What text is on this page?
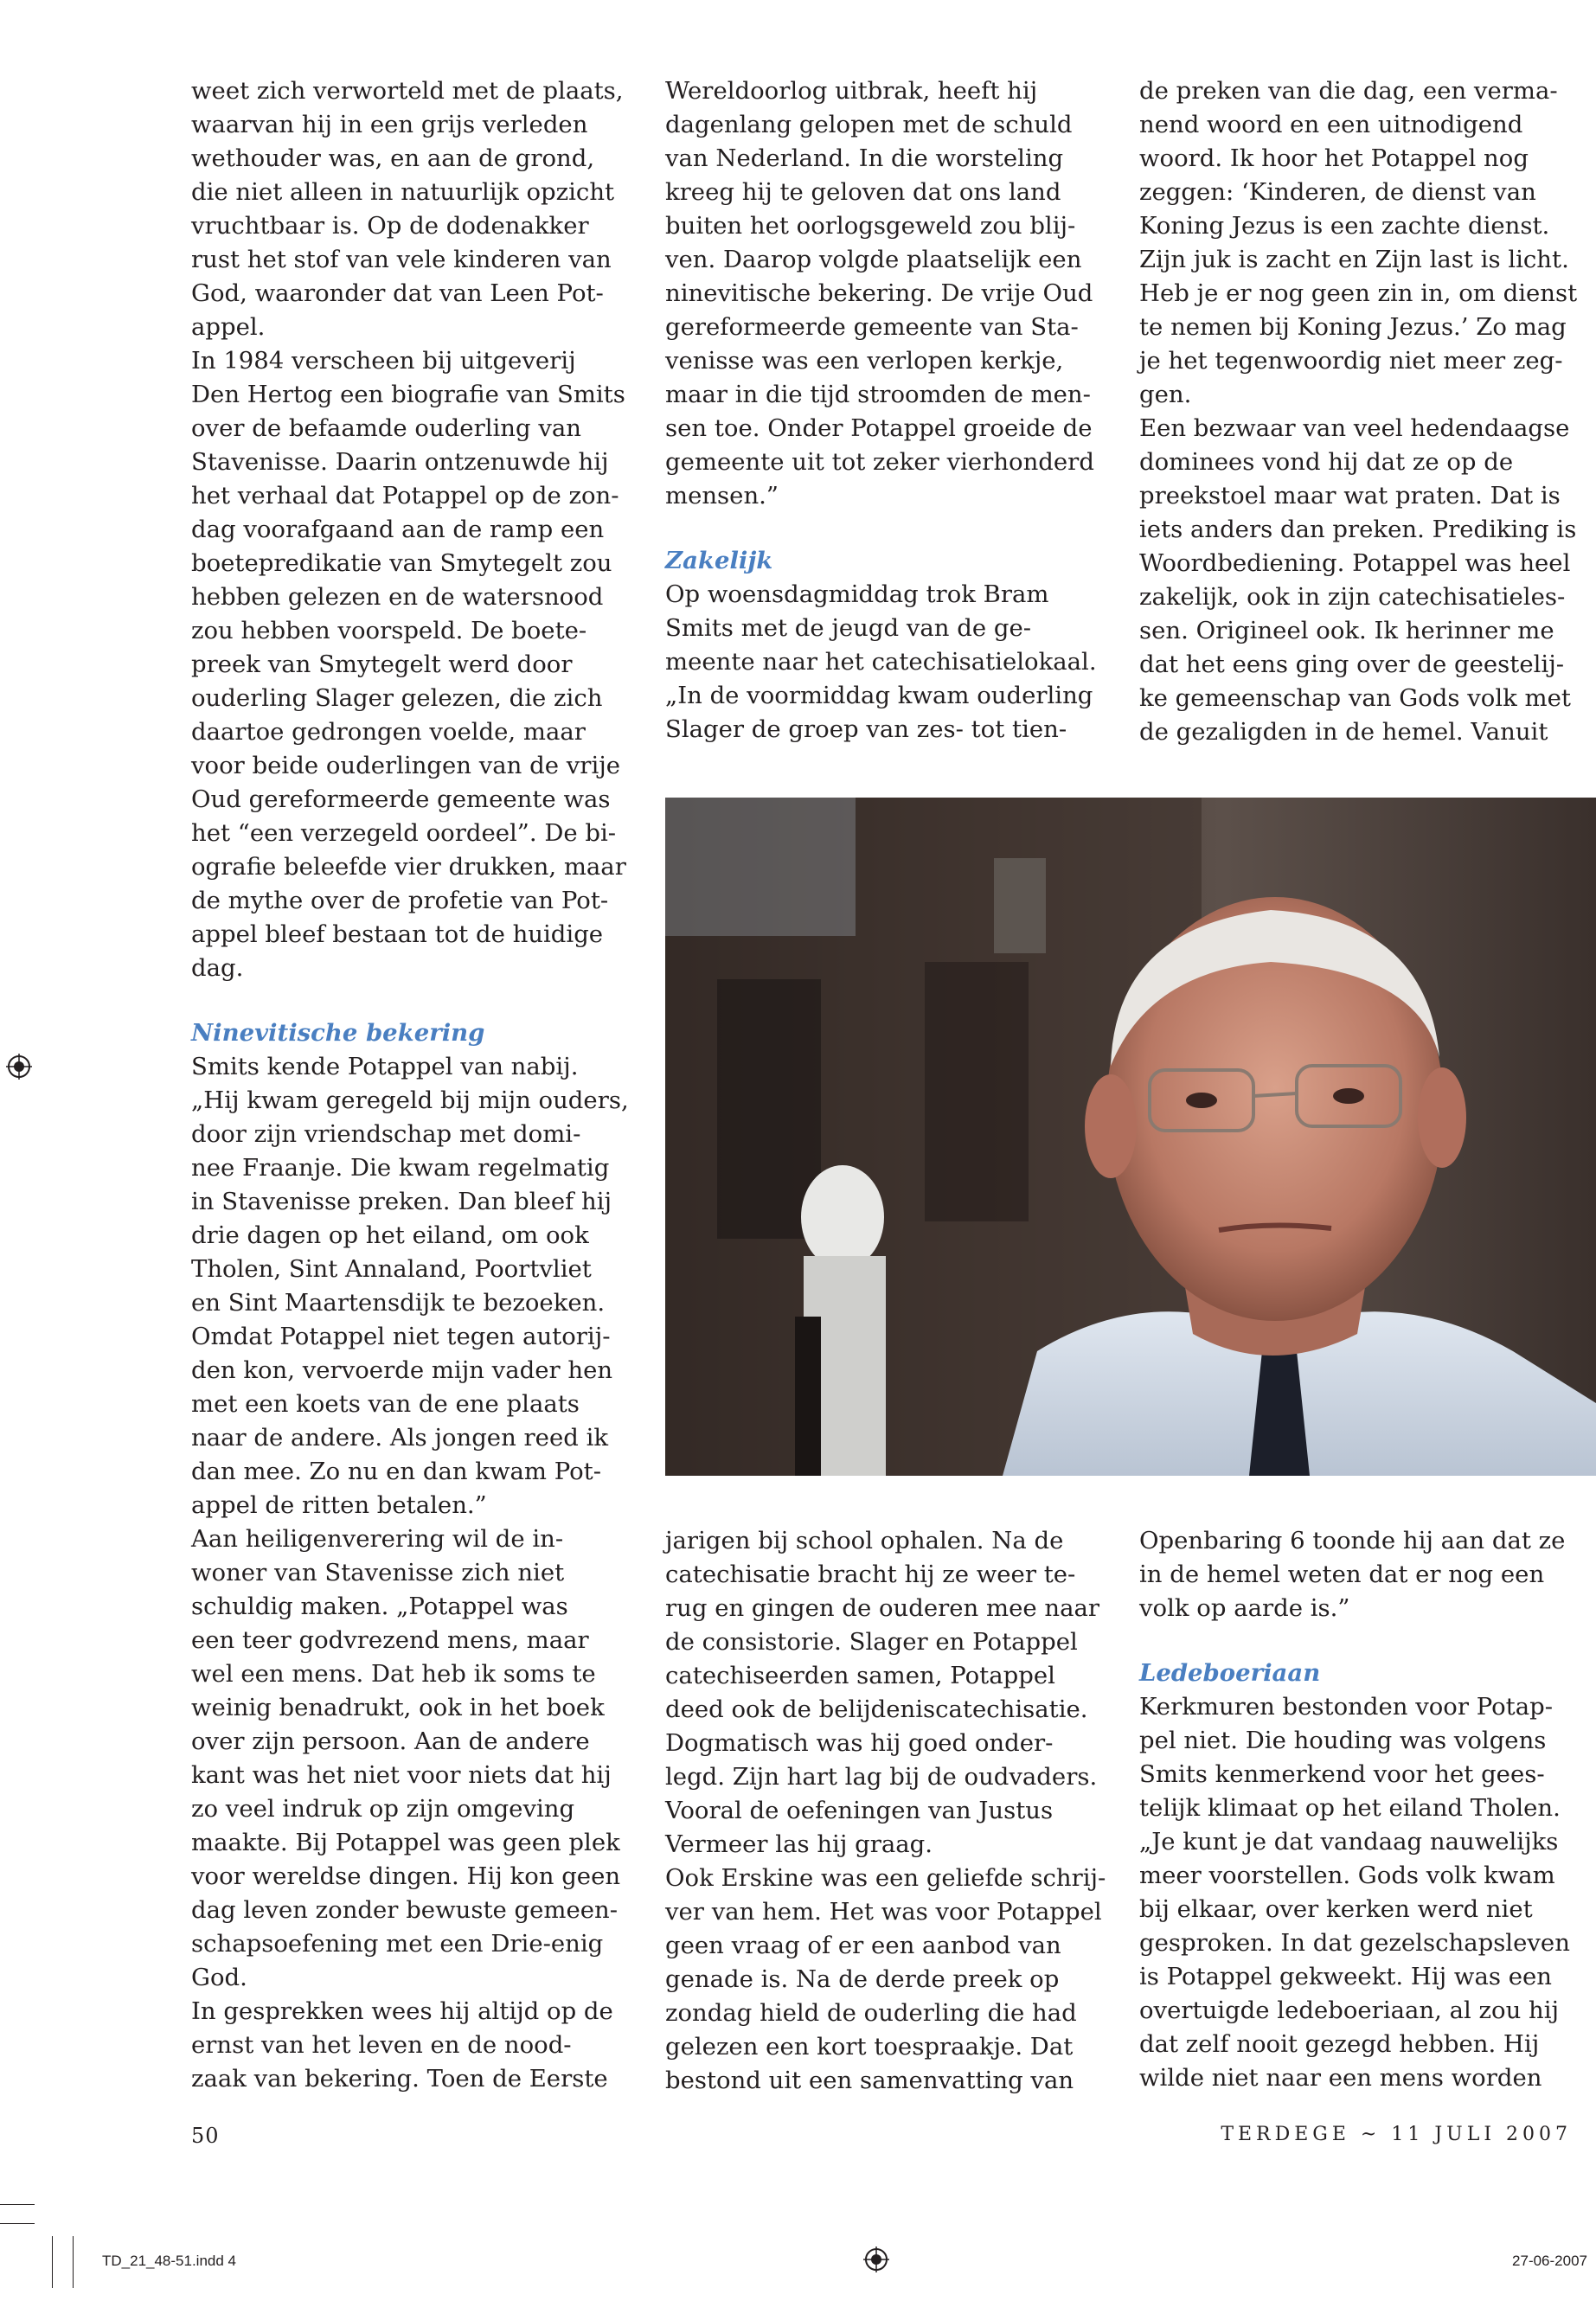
weet zich verworteld met de plaats,
waarvan hij in een grijs verleden
wethouder was, en aan de grond,
die niet alleen in natuurlijk opzicht
vruchtbaar is. Op de dodenakker
rust het stof van vele kinderen van
God, waaronder dat van Leen Pot-
appel.
In 1984 verscheen bij uitgeverij
Den Hertog een biografie van Smits
over de befaamde ouderling van
Stavenisse. Daarin ontzenuwde hij
het verhaal dat Potappel op de zon-
dag voorafgaand aan de ramp een
boetepredikatie van Smytegelt zou
hebben gelezen en de watersnood
zou hebben voorspeld. De boete-
preek van Smytegelt werd door
ouderling Slager gelezen, die zich
daartoe gedrongen voelde, maar
voor beide ouderlingen van de vrije
Oud gereformeerde gemeente was
het “een verzegeld oordeel”. De bi-
ografie beleefde vier drukken, maar
de mythe over de profetie van Pot-
appel bleef bestaan tot de huidige
dag.
Ninevitische bekering
Smits kende Potappel van nabij.
„Hij kwam geregeld bij mijn ouders,
door zijn vriendschap met domi-
nee Fraanje. Die kwam regelmatig
in Stavenisse preken. Dan bleef hij
drie dagen op het eiland, om ook
Tholen, Sint Annaland, Poortvliet
en Sint Maartensdijk te bezoeken.
Omdat Potappel niet tegen autorij-
den kon, vervoerde mijn vader hen
met een koets van de ene plaats
naar de andere. Als jongen reed ik
dan mee. Zo nu en dan kwam Pot-
appel de ritten betalen.”
Aan heiligenverering wil de in-
woner van Stavenisse zich niet
schuldig maken. „Potappel was
een teer godvrezend mens, maar
wel een mens. Dat heb ik soms te
weinig benadrukt, ook in het boek
over zijn persoon. Aan de andere
kant was het niet voor niets dat hij
zo veel indruk op zijn omgeving
maakte. Bij Potappel was geen plek
voor wereldse dingen. Hij kon geen
dag leven zonder bewuste gemeen-
schapsoefening met een Drie-enig
God.
In gesprekken wees hij altijd op de
ernst van het leven en de nood-
zaak van bekering. Toen de Eerste
Wereldoorlog uitbrak, heeft hij
dagenlang gelopen met de schuld
van Nederland. In die worsteling
kreeg hij te geloven dat ons land
buiten het oorlogsgeweld zou blij-
ven. Daarop volgde plaatselijk een
ninevitische bekering. De vrije Oud
gereformeerde gemeente van Sta-
venisse was een verlopen kerkje,
maar in die tijd stroomden de men-
sen toe. Onder Potappel groeide de
gemeente uit tot zeker vierhonderd
mensen.”
Zakelijk
Op woensdagmiddag trok Bram
Smits met de jeugd van de ge-
meente naar het catechisatielokaal.
„In de voormiddag kwam ouderling
Slager de groep van zes- tot tien-
de preken van die dag, een verma-
nend woord en een uitnodigend
woord. Ik hoor het Potappel nog
zeggen: ‘Kinderen, de dienst van
Koning Jezus is een zachte dienst.
Zijn juk is zacht en Zijn last is licht.
Heb je er nog geen zin in, om dienst
te nemen bij Koning Jezus.’ Zo mag
je het tegenwoordig niet meer zeg-
gen.
Een bezwaar van veel hedendaagse
dominees vond hij dat ze op de
preekstoel maar wat praten. Dat is
iets anders dan preken. Prediking is
Woordbediening. Potappel was heel
zakelijk, ook in zijn catechisatieles-
sen. Origineel ook. Ik herinner me
dat het eens ging over de geestelij-
ke gemeenschap van Gods volk met
de gezaligden in de hemel. Vanuit
jarigen bij school ophalen. Na de
catechisatie bracht hij ze weer te-
rug en gingen de ouderen mee naar
de consistorie. Slager en Potappel
catechiseerden samen, Potappel
deed ook de belijdeniscatechisatie.
Dogmatisch was hij goed onder-
legd. Zijn hart lag bij de oudvaders.
Vooral de oefeningen van Justus
Vermeer las hij graag.
Ook Erskine was een geliefde schrij-
ver van hem. Het was voor Potappel
geen vraag of er een aanbod van
genade is. Na de derde preek op
zondag hield de ouderling die had
gelezen een kort toespraakje. Dat
bestond uit een samenvatting van
Openbaring 6 toonde hij aan dat ze
in de hemel weten dat er nog een
volk op aarde is.”
Ledeboeriaan
Kerkmuren bestonden voor Potap-
pel niet. Die houding was volgens
Smits kenmerkend voor het gees-
telijk klimaat op het eiland Tholen.
„Je kunt je dat vandaag nauwelijks
meer voorstellen. Gods volk kwam
bij elkaar, over kerken werd niet
gesproken. In dat gezelschapsleven
is Potappel gekweekt. Hij was een
overtuigde ledeboeriaan, al zou hij
dat zelf nooit gezegd hebben. Hij
wilde niet naar een mens worden
50	TERDEGE ~ 11 JULI 2007
TD_21_48-51.indd 4	27-06-2007
